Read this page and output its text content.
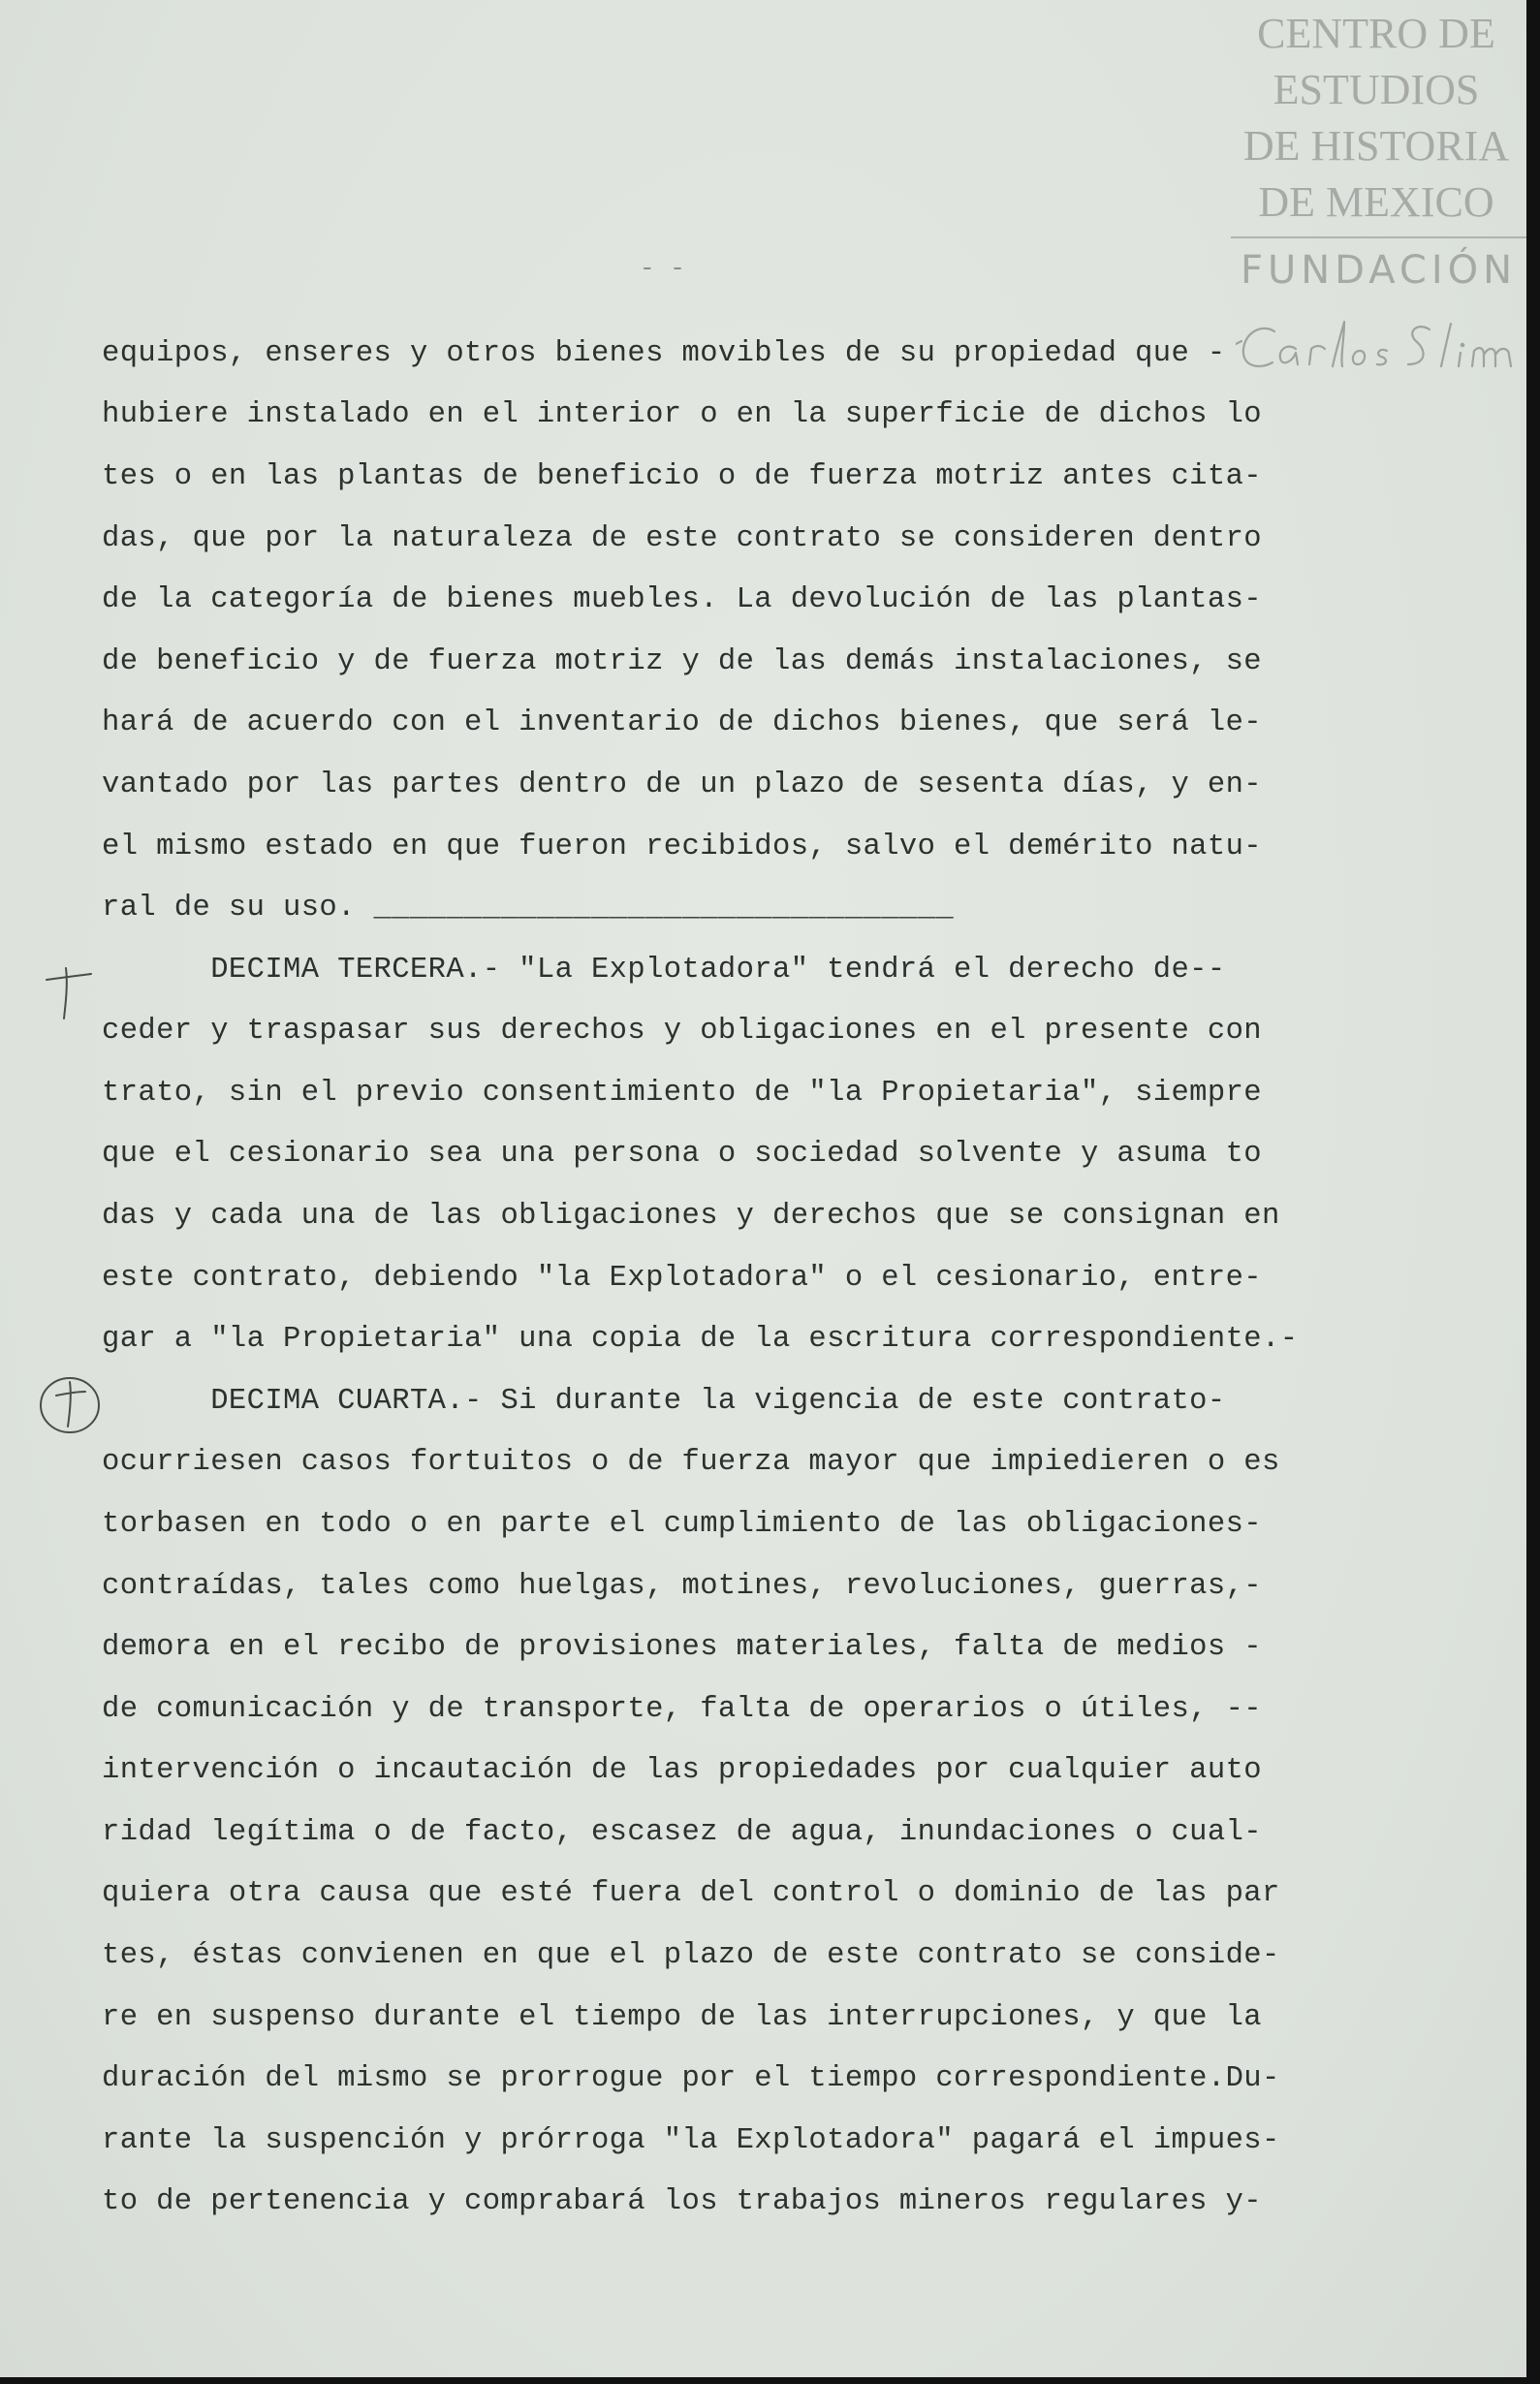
CENTRO DE
ESTUDIOS
DE HISTORIA
DE MEXICO
FUNDACIÓN
- -
equipos, enseres y otros bienes movibles de su propiedad que -
hubiere instalado en el interior o en la superficie de dichos lo
tes o en las plantas de beneficio o de fuerza motriz antes cita-
das, que por la naturaleza de este contrato se consideren dentro
de la categoría de bienes muebles. La devolución de las plantas-
de beneficio y de fuerza motriz y de las demás instalaciones, se
hará de acuerdo con el inventario de dichos bienes, que será le-
vantado por las partes dentro de un plazo de sesenta días, y en-
el mismo estado en que fueron recibidos, salvo el demérito natu-
ral de su uso. ________________________________
DECIMA TERCERA.- "La Explotadora" tendrá el derecho de--
ceder y traspasar sus derechos y obligaciones en el presente con
trato, sin el previo consentimiento de "la Propietaria", siempre
que el cesionario sea una persona o sociedad solvente y asuma to
das y cada una de las obligaciones y derechos que se consignan en
este contrato, debiendo "la Explotadora" o el cesionario, entre-
gar a "la Propietaria" una copia de la escritura correspondiente.-
DECIMA CUARTA.- Si durante la vigencia de este contrato-
ocurriesen casos fortuitos o de fuerza mayor que impiedieren o es
torbasen en todo o en parte el cumplimiento de las obligaciones-
contraídas, tales como huelgas, motines, revoluciones, guerras,-
demora en el recibo de provisiones materiales, falta de medios -
de comunicación y de transporte, falta de operarios o útiles, --
intervención o incautación de las propiedades por cualquier auto
ridad legítima o de facto, escasez de agua, inundaciones o cual-
quiera otra causa que esté fuera del control o dominio de las par
tes, éstas convienen en que el plazo de este contrato se conside-
re en suspenso durante el tiempo de las interrupciones, y que la
duración del mismo se prorrogue por el tiempo correspondiente.Du-
rante la suspención y prórroga "la Explotadora" pagará el impues-
to de pertenencia y comprabará los trabajos mineros regulares y-
